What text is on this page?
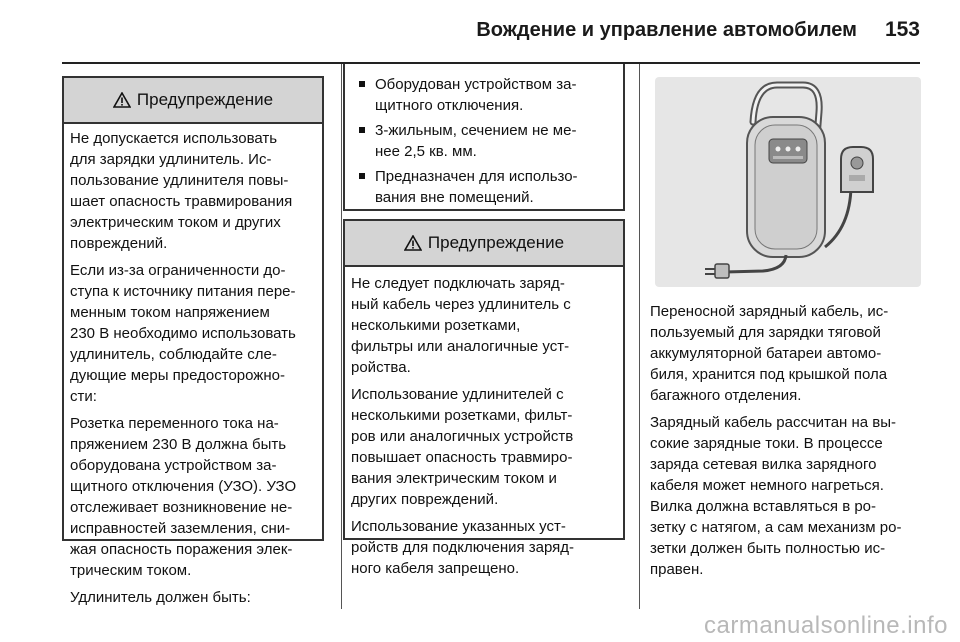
Вождение и управление автомобилем 153
Предупреждение

Не допускается использовать
для зарядки удлинитель. Ис-
пользование удлинителя повы-
шает опасность травмирования
электрическим током и других
повреждений.

Если из-за ограниченности до-
ступа к источнику питания пере-
менным током напряжением
230 В необходимо использовать
удлинитель, соблюдайте сле-
дующие меры предосторожно-
сти:

Розетка переменного тока на-
пряжением 230 В должна быть
оборудована устройством за-
щитного отключения (УЗО). УЗО
отслеживает возникновение не-
исправностей заземления, сни-
жая опасность поражения элек-
трическим током.

Удлинитель должен быть:

Оборудован устройством за-
щитного отключения.
3-жильным, сечением не ме-
нее 2,5 кв. мм.
Предназначен для использо-
вания вне помещений.
Предупреждение

Не следует подключать заряд-
ный кабель через удлинитель с
несколькими розетками,
фильтры или аналогичные уст-
ройства.

Использование удлинителей с
несколькими розетками, фильт-
ров или аналогичных устройств
повышает опасность травмиро-
вания электрическим током и
других повреждений.

Использование указанных уст-
ройств для подключения заряд-
ного кабеля запрещено.

Переносной зарядный кабель, ис-
пользуемый для зарядки тяговой
аккумуляторной батареи автомо-
биля, хранится под крышкой пола
багажного отделения.

Зарядный кабель рассчитан на вы-
сокие зарядные токи. В процессе
заряда сетевая вилка зарядного
кабеля может немного нагреться.
Вилка должна вставляться в ро-
зетку с натягом, а сам механизм ро-
зетки должен быть полностью ис-
правен.

carmanualsonline.info
